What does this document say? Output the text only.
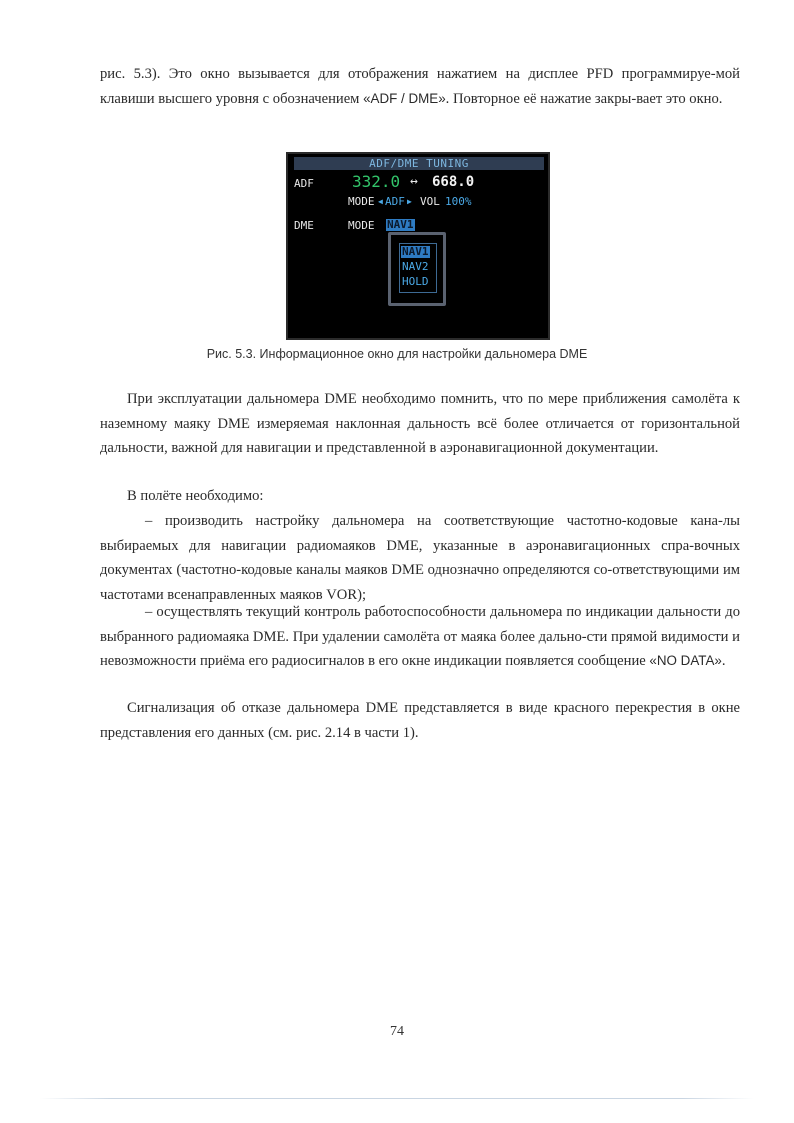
рис. 5.3). Это окно вызывается для отображения нажатием на дисплее PFD программируе-мой клавиши высшего уровня с обозначением «ADF / DME». Повторное её нажатие закры-вает это окно.

ADF/DME TUNING
ADF 332.0 ↔ 668.0
MODE ◀ ADF ▶ VOL 100%
DME	MODE NAV1
NAV1
NAV2
HOLD
Рис. 5.3. Информационное окно для настройки дальномера DME

При эксплуатации дальномера DME необходимо помнить, что по мере приближения самолёта к наземному маяку DME измеряемая наклонная дальность всё более отличается от горизонтальной дальности, важной для навигации и представленной в аэронавигационной документации.

В полёте необходимо:

– производить настройку дальномера на соответствующие частотно-кодовые кана-лы выбираемых для навигации радиомаяков DME, указанные в аэронавигационных спра-вочных документах (частотно-кодовые каналы маяков DME однозначно определяются со-ответствующими им частотами всенаправленных маяков VOR);

– осуществлять текущий контроль работоспособности дальномера по индикации дальности до выбранного радиомаяка DME. При удалении самолёта от маяка более дально-сти прямой видимости и невозможности приёма его радиосигналов в его окне индикации появляется сообщение «NO DATA».

Сигнализация об отказе дальномера DME представляется в виде красного перекрестия в окне представления его данных (см. рис. 2.14 в части 1).

74
